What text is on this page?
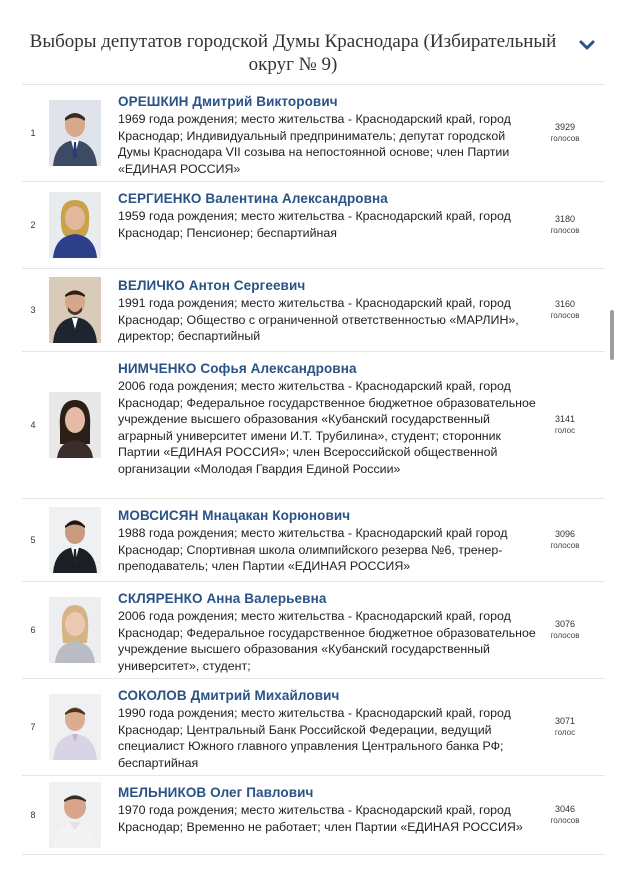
Выборы депутатов городской Думы Краснодара (Избирательный округ № 9)
1
ОРЕШКИН Дмитрий Викторович
1969 года рождения; место жительства - Краснодарский край, город Краснодар; Индивидуальный предприниматель; депутат городской Думы Краснодара VII созыва на непостоянной основе; член Партии «ЕДИНАЯ РОССИЯ»
3929
голосов
2
СЕРГИЕНКО Валентина Александровна
1959 года рождения; место жительства - Краснодарский край, город Краснодар; Пенсионер; беспартийная
3180
голосов
3
ВЕЛИЧКО Антон Сергеевич
1991 года рождения; место жительства - Краснодарский край, город Краснодар; Общество с ограниченной ответственностью «МАРЛИН», директор; беспартийный
3160
голосов
4
НИМЧЕНКО Софья Александровна
2006 года рождения; место жительства - Краснодарский край, город Краснодар; Федеральное государственное бюджетное образовательное учреждение высшего образования «Кубанский государственный аграрный университет имени И.Т. Трубилина», студент; сторонник Партии «ЕДИНАЯ РОССИЯ»; член Всероссийской общественной организации «Молодая Гвардия Единой России»
3141
голос
5
МОВСИСЯН Мнацакан Корюнович
1988 года рождения; место жительства - Краснодарский край город Краснодар; Спортивная школа олимпийского резерва №6, тренер-преподаватель; член Партии «ЕДИНАЯ РОССИЯ»
3096
голосов
6
СКЛЯРЕНКО Анна Валерьевна
2006 года рождения; место жительства - Краснодарский край, город Краснодар; Федеральное государственное бюджетное образовательное учреждение высшего образования «Кубанский государственный университет», студент;
3076
голосов
7
СОКОЛОВ Дмитрий Михайлович
1990 года рождения; место жительства - Краснодарский край, город Краснодар; Центральный Банк Российской Федерации, ведущий специалист Южного главного управления Центрального банка РФ; беспартийная
3071
голос
8
МЕЛЬНИКОВ Олег Павлович
1970 года рождения; место жительства - Краснодарский край, город Краснодар; Временно не работает; член Партии «ЕДИНАЯ РОССИЯ»
3046
голосов
